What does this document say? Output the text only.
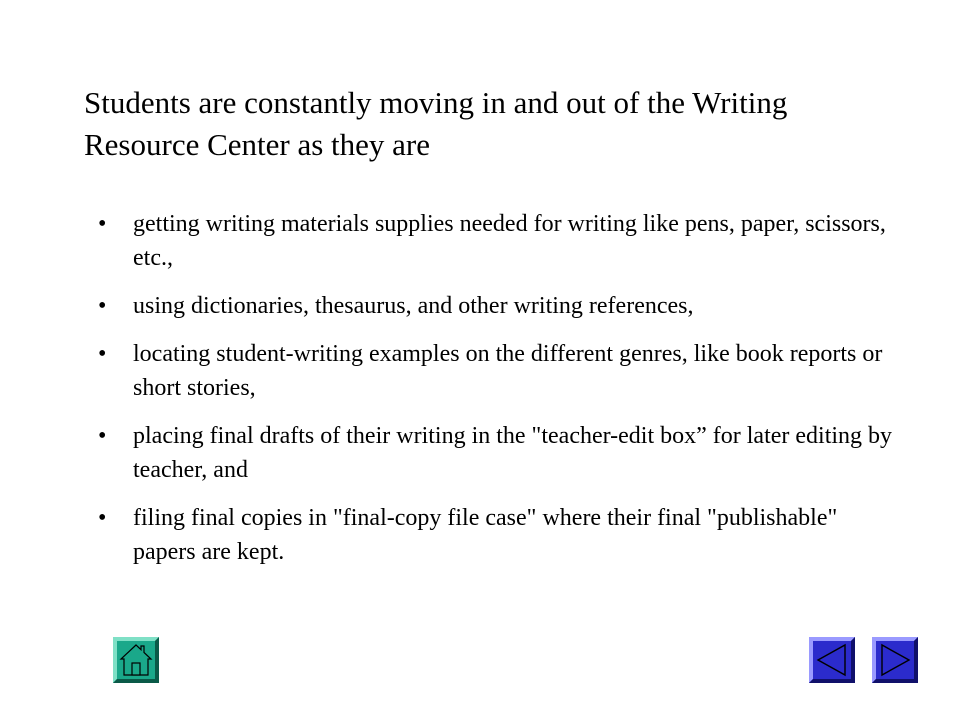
Students are constantly moving in and out of the Writing Resource Center as they are
• getting writing materials supplies needed for writing like pens, paper, scissors, etc.,
• using dictionaries, thesaurus, and other writing references,
• locating student-writing examples on the different genres, like book reports or short stories,
• placing final drafts of their writing in the "teacher-edit box” for later editing by teacher, and
• filing final copies in "final-copy file case" where their final "publishable" papers are kept.
